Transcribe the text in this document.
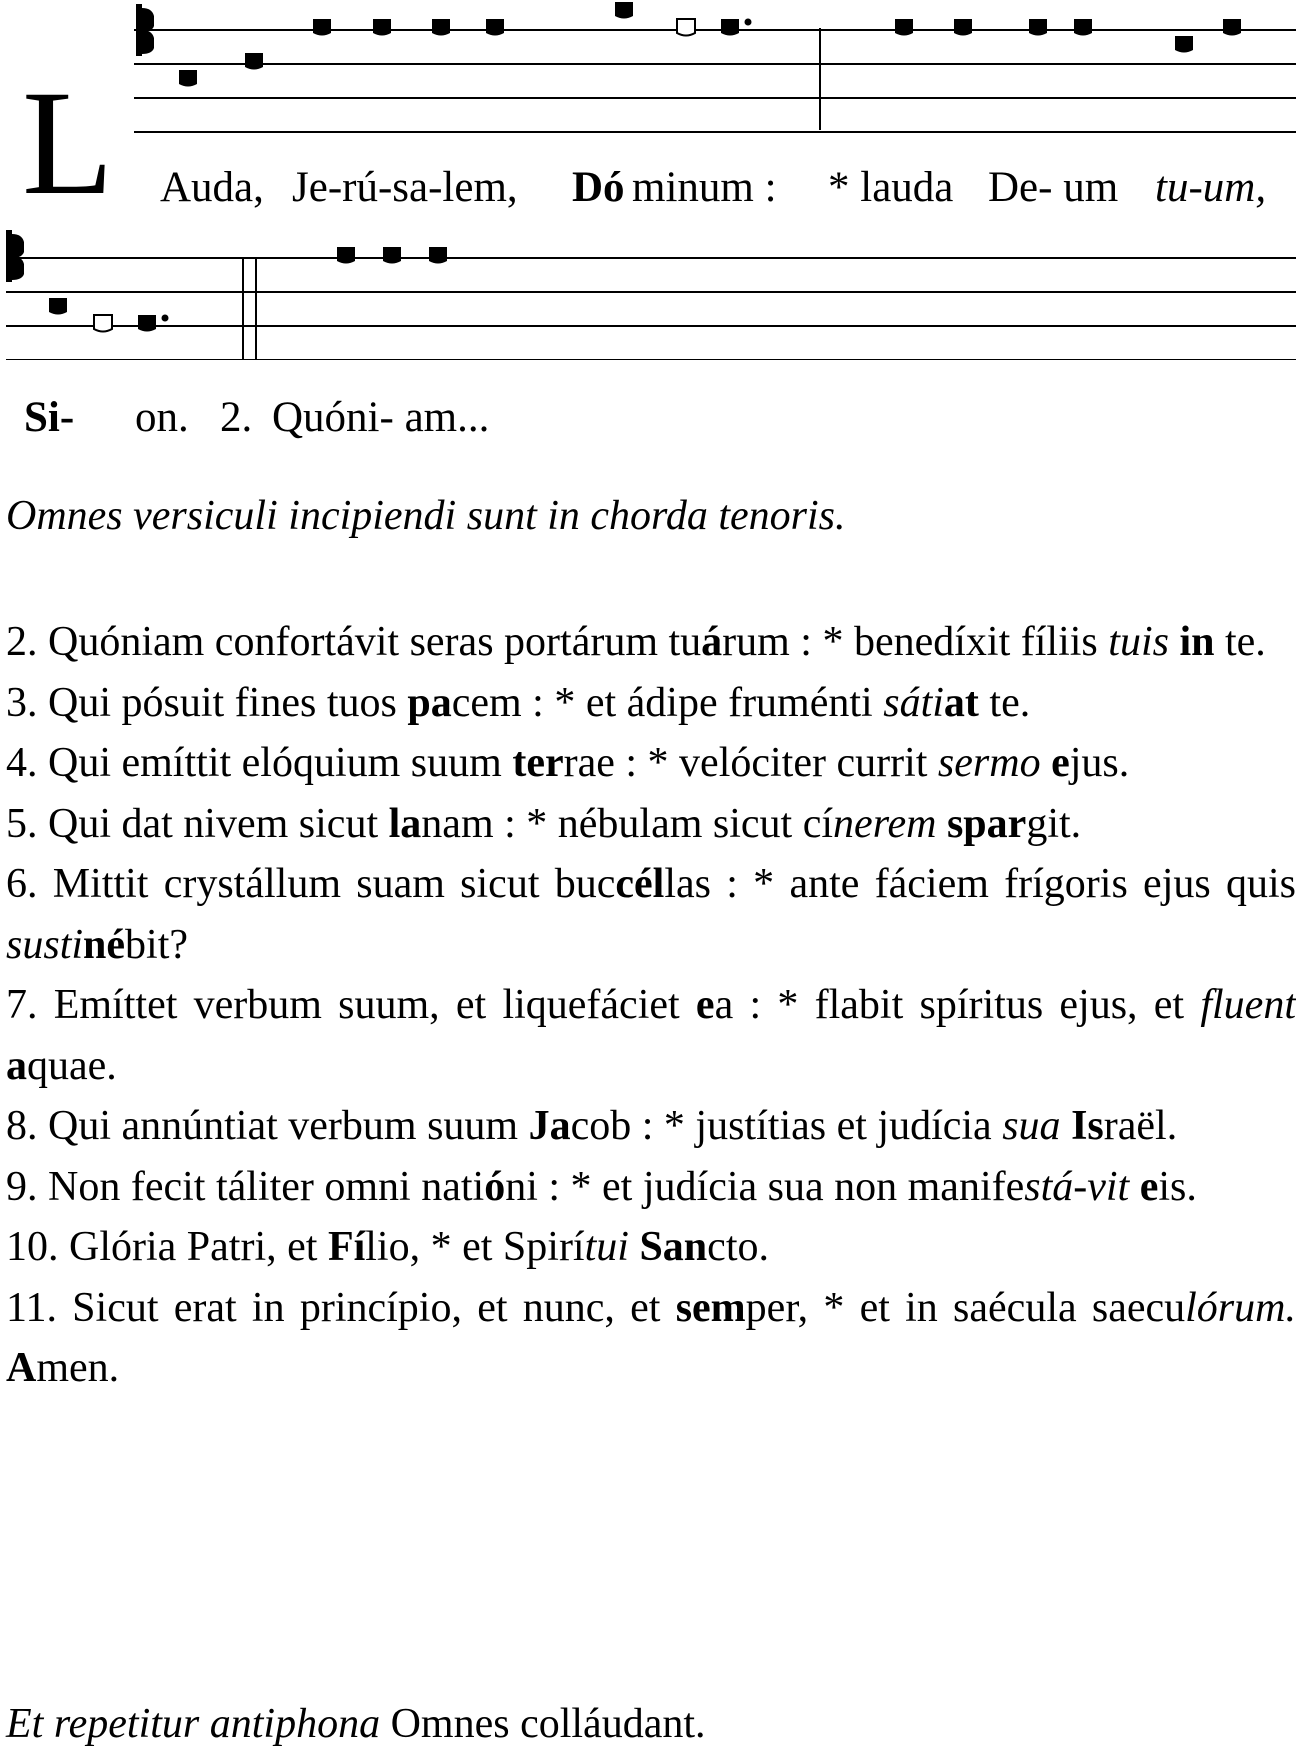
L Auda, Je-rú-sa-lem, Dó minum : * lauda De- um tu-um,
Si- on. 2. Quóni- am...
Omnes versiculi incipiendi sunt in chorda tenoris.

2. Quóniam confortávit seras portárum tuárum : * benedíxit fíliis tuis in te.

3. Qui pósuit fines tuos pacem : * et ádipe fruménti sátiat te.

4. Qui emíttit elóquium suum terrae : * velóciter currit sermo ejus.

5. Qui dat nivem sicut lanam : * nébulam sicut cínerem spargit.

6. Mittit crystállum suam sicut buccéllas : * ante fáciem frígoris ejus quis sustinébit?

7. Emíttet verbum suum, et liquefáciet ea : * flabit spíritus ejus, et fluent aquae.

8. Qui annúntiat verbum suum Jacob : * justítias et judícia sua Israël.

9. Non fecit táliter omni natióni : * et judícia sua non manifestá-vit eis.

10. Glória Patri, et Fílio, * et Spirítui Sancto.

11. Sicut erat in princípio, et nunc, et semper, * et in saécula saeculórum. Amen.

Et repetitur antiphona Omnes colláudant.
